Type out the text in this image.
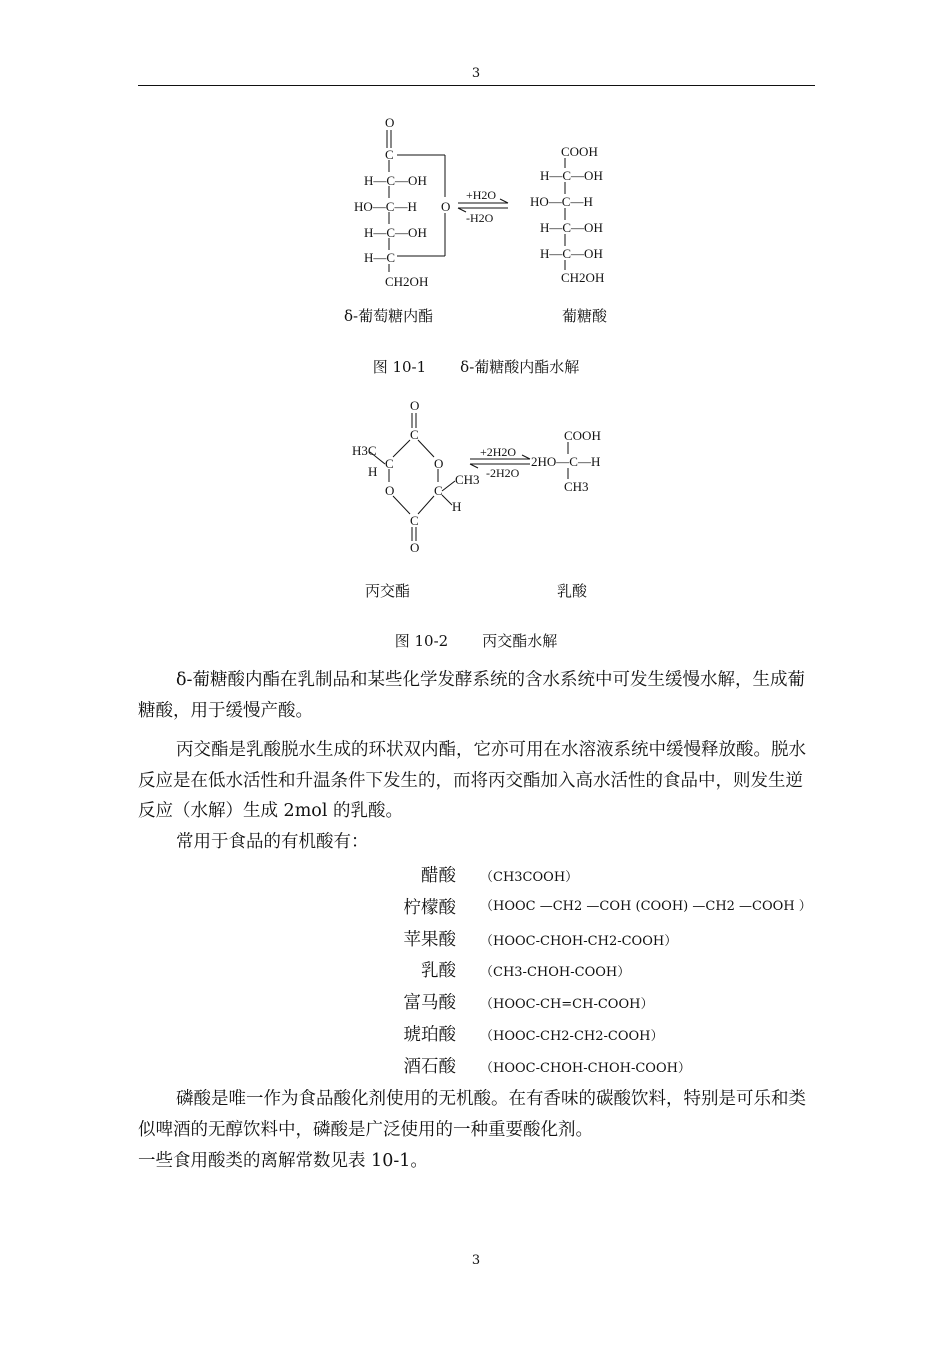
3
O
C
H—C—OH
HO—C—H O
H—C—OH
H—C
CH2OH
+H2O
-H2O
COOH
H—C—OH
HO—C—H
H—C—OH
H—C—OH
CH2OH
δ-葡萄糖内酯	葡糖酸
图 10-1 δ-葡糖酸内酯水解
O
C
H3C
H
C	O
O	C
CH3
H
C
O
+2H2O
-2H2O
COOH
2HO—C—H
CH3
丙交酯	乳酸
图 10-2 丙交酯水解

δ-葡糖酸内酯在乳制品和某些化学发酵系统的含水系统中可发生缓慢水解，生成葡糖酸，用于缓慢产酸。

丙交酯是乳酸脱水生成的环状双内酯，它亦可用在水溶液系统中缓慢释放酸。脱水反应是在低水活性和升温条件下发生的，而将丙交酯加入高水活性的食品中，则发生逆反应（水解）生成 2mol 的乳酸。

常用于食品的有机酸有：

醋酸 （CH3COOH）
柠檬酸 （HOOC —CH2 —COH (COOH) —CH2 —COOH ）
苹果酸 （HOOC-CHOH-CH2-COOH）
乳酸 （CH3-CHOH-COOH）
富马酸 （HOOC-CH=CH-COOH）
琥珀酸 （HOOC-CH2-CH2-COOH）
酒石酸 （HOOC-CHOH-CHOH-COOH）

磷酸是唯一作为食品酸化剂使用的无机酸。在有香味的碳酸饮料，特别是可乐和类似啤酒的无醇饮料中，磷酸是广泛使用的一种重要酸化剂。

一些食用酸类的离解常数见表 10-1。

3
